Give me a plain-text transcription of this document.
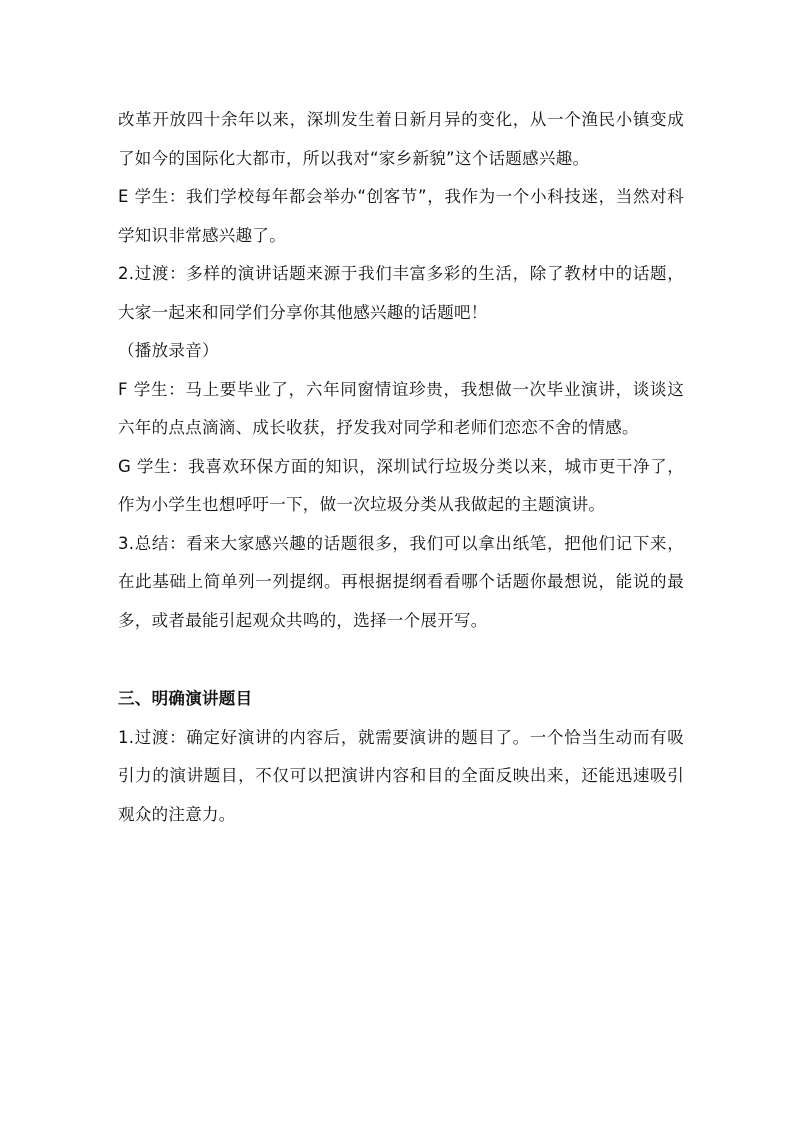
改革开放四十余年以来，深圳发生着日新月异的变化，从一个渔民小镇变成了如今的国际化大都市，所以我对“家乡新貌”这个话题感兴趣。

E 学生：我们学校每年都会举办“创客节”，我作为一个小科技迷，当然对科学知识非常感兴趣了。

2.过渡：多样的演讲话题来源于我们丰富多彩的生活，除了教材中的话题，大家一起来和同学们分享你其他感兴趣的话题吧！

（播放录音）

F 学生：马上要毕业了，六年同窗情谊珍贵，我想做一次毕业演讲，谈谈这六年的点点滴滴、成长收获，抒发我对同学和老师们恋恋不舍的情感。

G 学生：我喜欢环保方面的知识，深圳试行垃圾分类以来，城市更干净了，作为小学生也想呼吁一下，做一次垃圾分类从我做起的主题演讲。

3.总结：看来大家感兴趣的话题很多，我们可以拿出纸笔，把他们记下来，在此基础上简单列一列提纲。再根据提纲看看哪个话题你最想说，能说的最多，或者最能引起观众共鸣的，选择一个展开写。

三、明确演讲题目

1.过渡：确定好演讲的内容后，就需要演讲的题目了。一个恰当生动而有吸引力的演讲题目，不仅可以把演讲内容和目的全面反映出来，还能迅速吸引观众的注意力。
